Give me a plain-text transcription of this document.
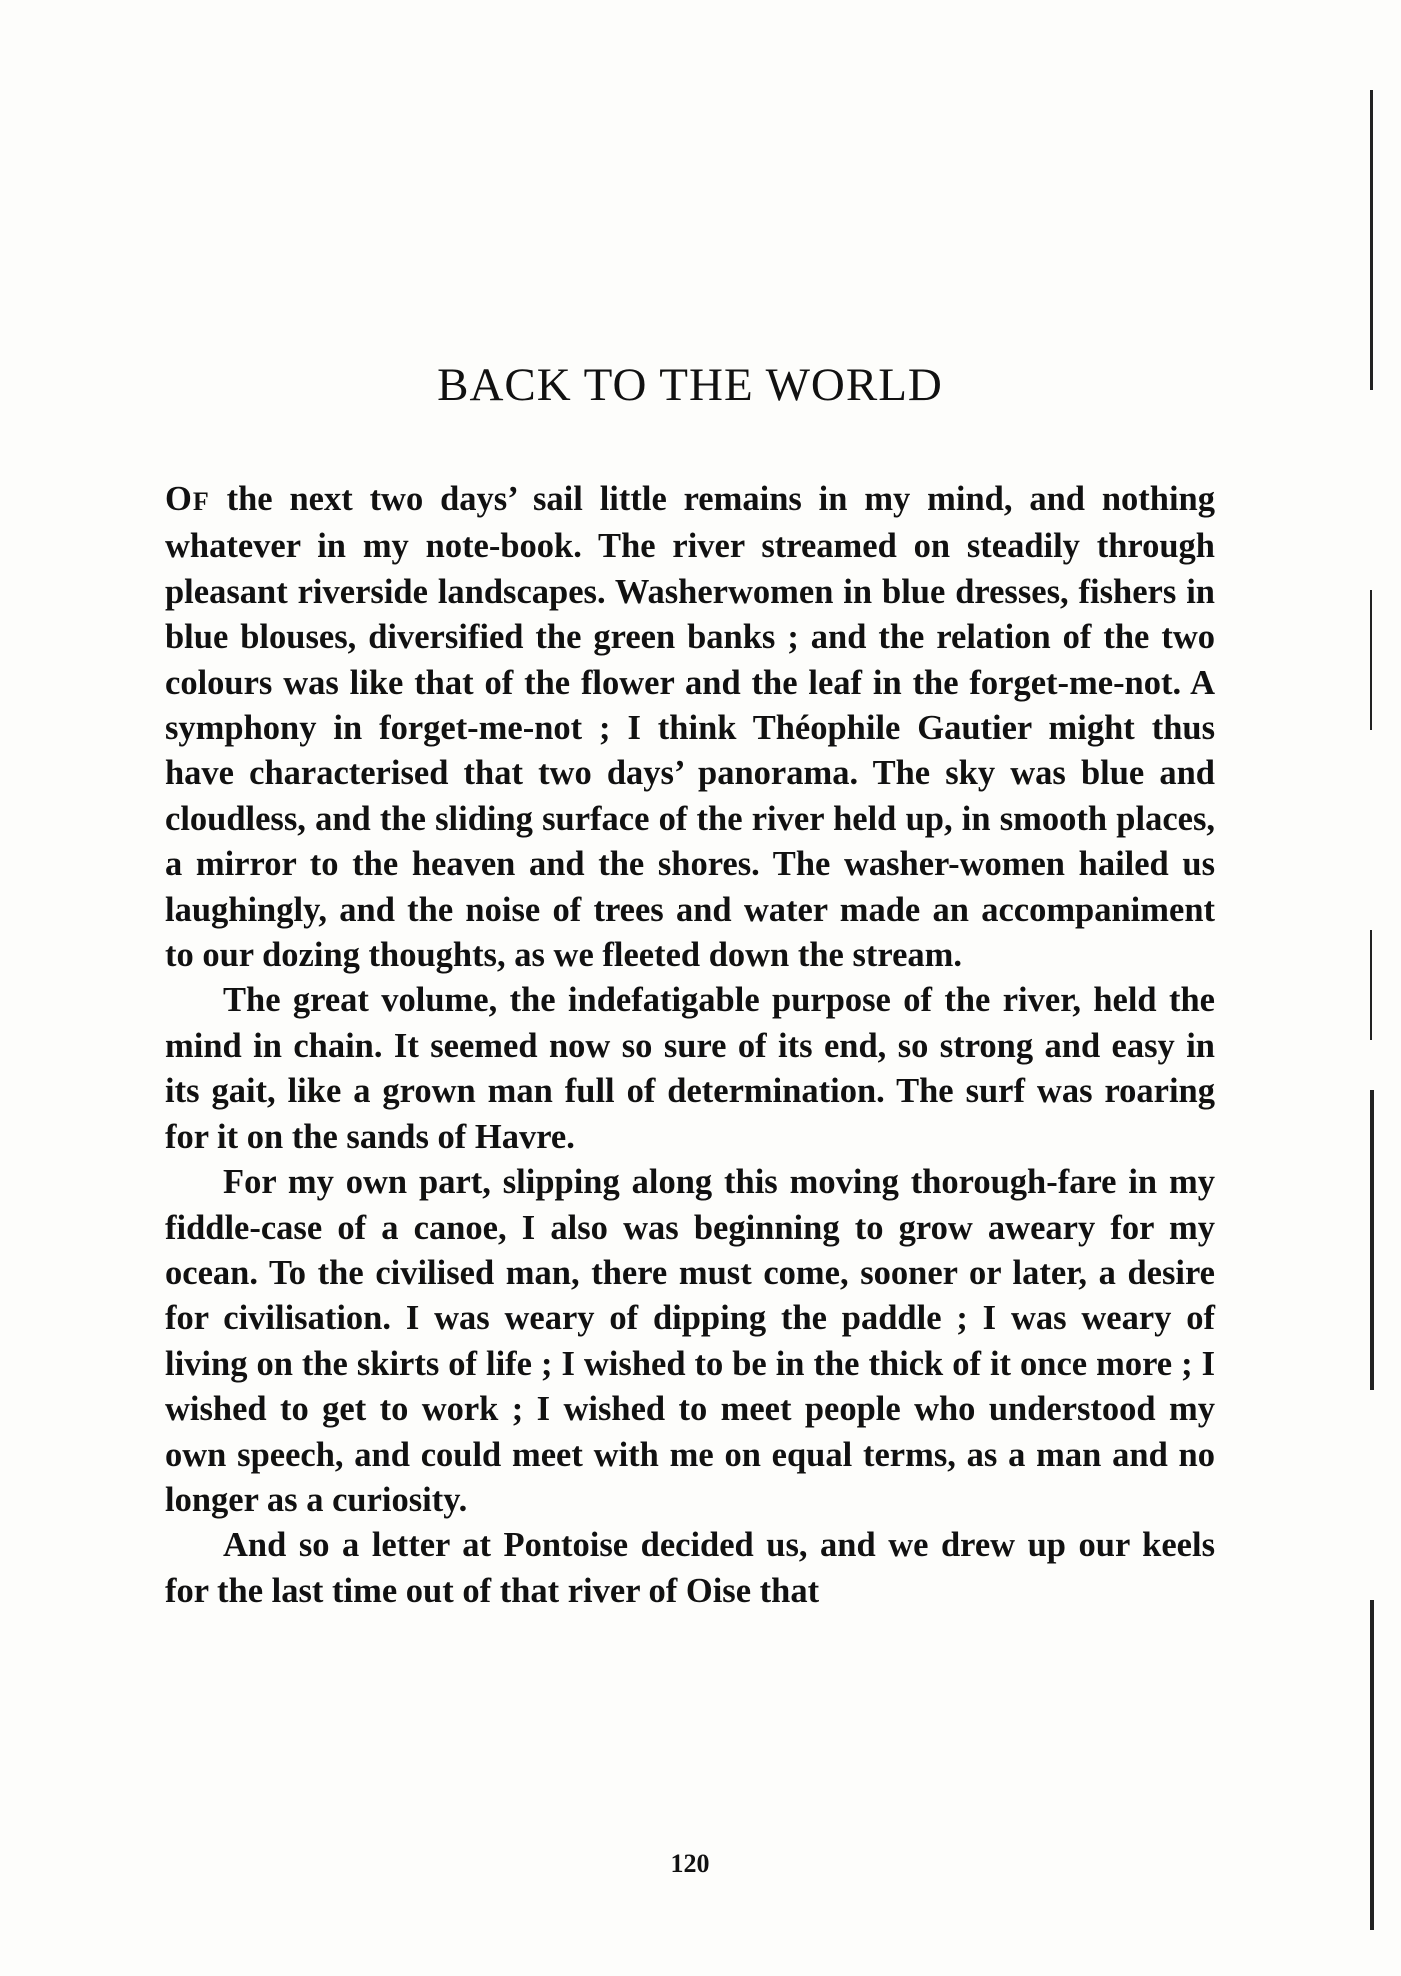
BACK TO THE WORLD

OF the next two days’ sail little remains in my mind, and nothing whatever in my note-book. The river streamed on steadily through pleasant riverside landscapes. Washerwomen in blue dresses, fishers in blue blouses, diversified the green banks ; and the relation of the two colours was like that of the flower and the leaf in the forget-me-not. A symphony in forget-me-not ; I think Théophile Gautier might thus have characterised that two days’ panorama. The sky was blue and cloudless, and the sliding surface of the river held up, in smooth places, a mirror to the heaven and the shores. The washer-women hailed us laughingly, and the noise of trees and water made an accompaniment to our dozing thoughts, as we fleeted down the stream.

The great volume, the indefatigable purpose of the river, held the mind in chain. It seemed now so sure of its end, so strong and easy in its gait, like a grown man full of determination. The surf was roaring for it on the sands of Havre.

For my own part, slipping along this moving thorough-fare in my fiddle-case of a canoe, I also was beginning to grow aweary for my ocean. To the civilised man, there must come, sooner or later, a desire for civilisation. I was weary of dipping the paddle ; I was weary of living on the skirts of life ; I wished to be in the thick of it once more ; I wished to get to work ; I wished to meet people who understood my own speech, and could meet with me on equal terms, as a man and no longer as a curiosity.

And so a letter at Pontoise decided us, and we drew up our keels for the last time out of that river of Oise that

120
